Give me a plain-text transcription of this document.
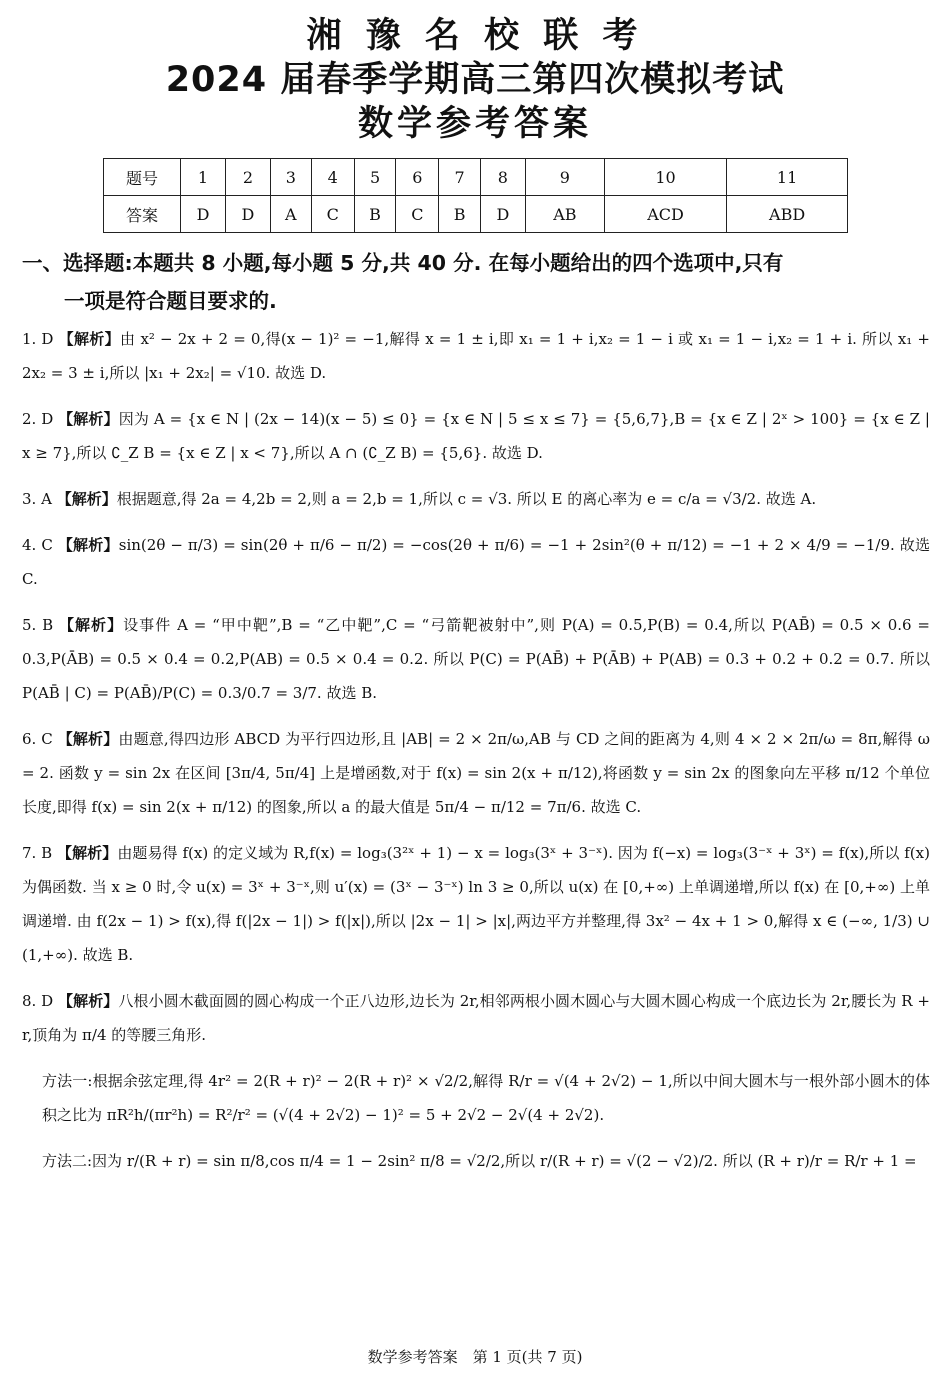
湘 豫 名 校 联 考
2024 届春季学期高三第四次模拟考试
数学参考答案
题号	1	2	3	4	5	6	7	8	9	10	11
答案	D	D	A	C	B	C	B	D	AB	ACD	ABD
一、选择题:本题共 8 小题,每小题 5 分,共 40 分. 在每小题给出的四个选项中,只有
一项是符合题目要求的.

1. D 【解析】由 x² − 2x + 2 = 0,得(x − 1)² = −1,解得 x = 1 ± i,即 x₁ = 1 + i,x₂ = 1 − i 或 x₁ = 1 − i,x₂ = 1 + i. 所以 x₁ + 2x₂ = 3 ± i,所以 |x₁ + 2x₂| = √10. 故选 D.

2. D 【解析】因为 A = {x ∈ N | (2x − 14)(x − 5) ≤ 0} = {x ∈ N | 5 ≤ x ≤ 7} = {5,6,7},B = {x ∈ Z | 2ˣ > 100} = {x ∈ Z | x ≥ 7},所以 ∁_Z B = {x ∈ Z | x < 7},所以 A ∩ (∁_Z B) = {5,6}. 故选 D.

3. A 【解析】根据题意,得 2a = 4,2b = 2,则 a = 2,b = 1,所以 c = √3. 所以 E 的离心率为 e = c/a = √3/2. 故选 A.

4. C 【解析】sin(2θ − π/3) = sin(2θ + π/6 − π/2) = −cos(2θ + π/6) = −1 + 2sin²(θ + π/12) = −1 + 2 × 4/9 = −1/9. 故选 C.

5. B 【解析】设事件 A = “甲中靶”,B = “乙中靶”,C = “弓箭靶被射中”,则 P(A) = 0.5,P(B) = 0.4,所以 P(AB̄) = 0.5 × 0.6 = 0.3,P(ĀB) = 0.5 × 0.4 = 0.2,P(AB) = 0.5 × 0.4 = 0.2. 所以 P(C) = P(AB̄) + P(ĀB) + P(AB) = 0.3 + 0.2 + 0.2 = 0.7. 所以 P(AB̄ | C) = P(AB̄)/P(C) = 0.3/0.7 = 3/7. 故选 B.

6. C 【解析】由题意,得四边形 ABCD 为平行四边形,且 |AB| = 2 × 2π/ω,AB 与 CD 之间的距离为 4,则 4 × 2 × 2π/ω = 8π,解得 ω = 2. 函数 y = sin 2x 在区间 [3π/4, 5π/4] 上是增函数,对于 f(x) = sin 2(x + π/12),将函数 y = sin 2x 的图象向左平移 π/12 个单位长度,即得 f(x) = sin 2(x + π/12) 的图象,所以 a 的最大值是 5π/4 − π/12 = 7π/6. 故选 C.

7. B 【解析】由题易得 f(x) 的定义域为 R,f(x) = log₃(3²ˣ + 1) − x = log₃(3ˣ + 3⁻ˣ). 因为 f(−x) = log₃(3⁻ˣ + 3ˣ) = f(x),所以 f(x) 为偶函数. 当 x ≥ 0 时,令 u(x) = 3ˣ + 3⁻ˣ,则 u′(x) = (3ˣ − 3⁻ˣ) ln 3 ≥ 0,所以 u(x) 在 [0,+∞) 上单调递增,所以 f(x) 在 [0,+∞) 上单调递增. 由 f(2x − 1) > f(x),得 f(|2x − 1|) > f(|x|),所以 |2x − 1| > |x|,两边平方并整理,得 3x² − 4x + 1 > 0,解得 x ∈ (−∞, 1/3) ∪ (1,+∞). 故选 B.

8. D 【解析】八根小圆木截面圆的圆心构成一个正八边形,边长为 2r,相邻两根小圆木圆心与大圆木圆心构成一个底边长为 2r,腰长为 R + r,顶角为 π/4 的等腰三角形.

方法一:根据余弦定理,得 4r² = 2(R + r)² − 2(R + r)² × √2/2,解得 R/r = √(4 + 2√2) − 1,所以中间大圆木与一根外部小圆木的体积之比为 πR²h/(πr²h) = R²/r² = (√(4 + 2√2) − 1)² = 5 + 2√2 − 2√(4 + 2√2).

方法二:因为 r/(R + r) = sin π/8,cos π/4 = 1 − 2sin² π/8 = √2/2,所以 r/(R + r) = √(2 − √2)/2. 所以 (R + r)/r = R/r + 1 =

数学参考答案　第 1 页(共 7 页)
